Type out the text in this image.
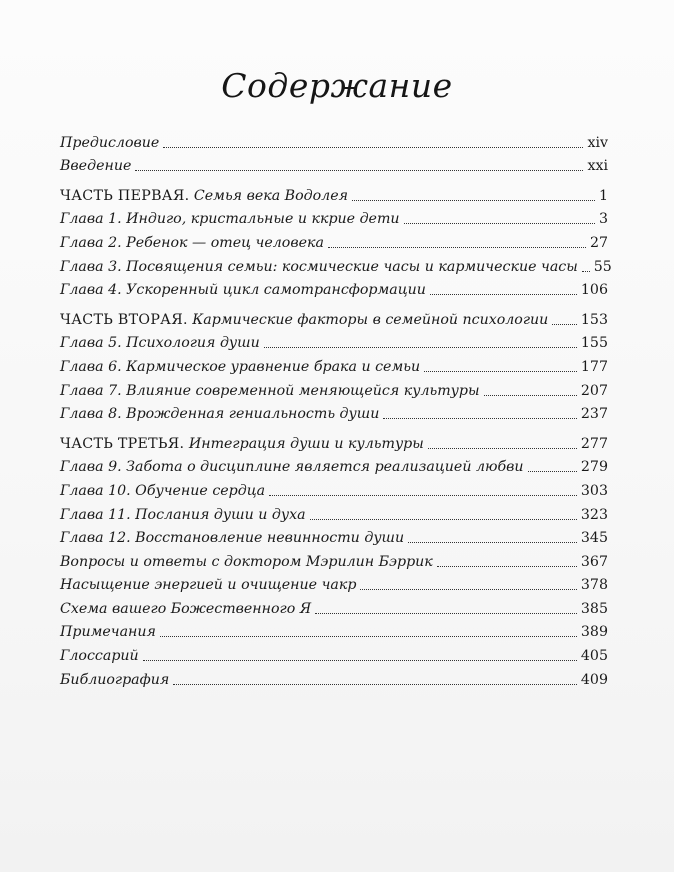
Содержание
Предисловие	xiv
Введение	xxi
ЧАСТЬ ПЕРВАЯ. Семья века Водолея	1
Глава 1. Индиго, кристальные и ккрие дети	3
Глава 2. Ребенок — отец человека	27
Глава 3. Посвящения семьи: космические часы и кармические часы 55
Глава 4. Ускоренный цикл самотрансформации	106
ЧАСТЬ ВТОРАЯ. Кармические факторы в семейной психологии 153
Глава 5. Психология души	155
Глава 6. Кармическое уравнение брака и семьи	177
Глава 7. Влияние современной меняющейся культуры	207
Глава 8. Врожденная гениальность души	237
ЧАСТЬ ТРЕТЬЯ. Интеграция души и культуры	277
Глава 9. Забота о дисциплине является реализацией любви	279
Глава 10. Обучение сердца	303
Глава 11. Послания души и духа	323
Глава 12. Восстановление невинности души	345
Вопросы и ответы с доктором Мэрилин Бэррик	367
Насыщение энергией и очищение чакр	378
Схема вашего Божественного Я	385
Примечания	389
Глоссарий	405
Библиография	409
